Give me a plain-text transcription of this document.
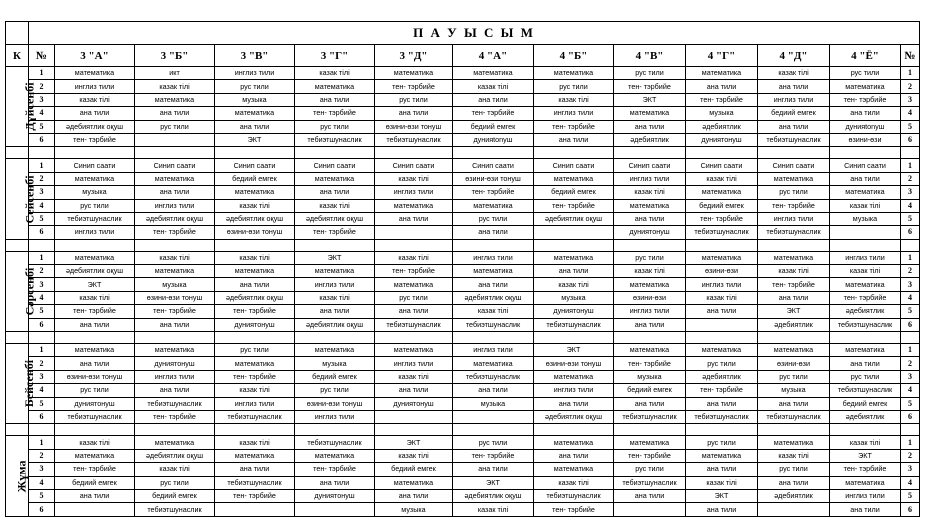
	П А У Ы С Ы М												
К	№	3 "А"	3 "Б"	3 "В"	3 "Г"	3 "Д"	4 "А"	4 "Б"	4 "В"	4 "Г"	4 "Д"	4 "Ё"	№
Дүйсенбі	1	математика	икт	инглиз тили	казак тілі	математика	математика	математика	рус тили	математика	казак тілі	рус тили	1
	2	инглиз тили	казак тілі	рус тили	математика	тен- тэрбийе	казак тілі	рус тили	тен- тэрбийе	ана тили	ана тили	математика	2
	3	казак тілі	математика	музыка	ана тили	рус тили	ана тили	казак тілі	ЭКТ	тен- тэрбийе	инглиз тили	тен- тэрбийе	3
	4	ана тили	ана тили	математика	тен- тэрбийе	ана тили	тен- тэрбийе	инглиз тили	математика	музыка	бедиий емгек	ана тили	4
	5	әдебиятлик оқуш	рус тили	ана тили	рус тили	өзини-өзи тонуш	бедиий емгек	тен- тэрбийе	ана тили	әдебиятлик	ана тили	дунияtonуш	5
	6	тен- тэрбийе		ЭКТ	тебиэтшунаслик	тебиэтшунаслик	дунияtonуш	ана тили	әдебиятлик	дуниятонуш	тебиэтшунаслик	өзини-өзи	6

Сейсенбі	1	Синип саати	Синип саати	Синип саати	Синип саати	Синип саати	Синип саати	Синип саати	Синип саати	Синип саати	Синип саати	Синип саати	1
	2	математика	математика	бедиий емгек	математика	казак тілі	өзини-өзи тонуш	математика	инглиз тили	казак тілі	математика	ана тили	2
	3	музыка	ана тили	математика	ана тили	инглиз тили	тен- тэрбийе	бедиий емгек	казак тілі	математика	рус тили	математика	3
	4	рус тили	инглиз тили	казак тілі	казак тілі	математика	математика	тен- тэрбийе	математика	бедиий емгек	тен- тэрбийе	казак тілі	4
	5	тебиэтшунаслик	әдебиятлик оқуш	әдебиятлик оқуш	әдебиятлик оқуш	ана тили	рус тили	әдебиятлик оқуш	ана тили	тен- тэрбийе	инглиз тили	музыка	5
	6	инглиз тили	тен- тэрбийе	өзини-өзи тонуш	тен- тэрбийе		ана тили		дуниятонуш	тебиэтшунаслик	тебиэтшунаслик		6

Сәрсенбі	1	математика	казак тілі	казак тілі	ЭКТ	казак тілі	инглиз тили	математика	рус тили	математика	математика	инглиз тили	1
	2	әдебиятлик оқуш	математика	математика	математика	тен- тэрбийе	математика	ана тили	казак тілі	өзини-өзи	казак тілі	казак тілі	2
	3	ЭКТ	музыка	ана тили	инглиз тили	математика	ана тили	казак тілі	математика	инглиз тили	тен- тэрбийе	математика	3
	4	казак тілі	өзини-өзи тонуш	әдебиятлик оқуш	казак тілі	рус тили	әдебиятлик оқуш	музыка	өзини-өзи	казак тілі	ана тили	тен- тэрбийе	4
	5	тен- тэрбийе	тен- тэрбийе	тен- тэрбийе	ана тили	ана тили	казак тілі	дуниятонуш	инглиз тили	ана тили	ЭКТ	әдебиятлик	5
	6	ана тили	ана тили	дуниятонуш	әдебиятлик оқуш	тебиэтшунаслик	тебиэтшунаслик	тебиэтшунаслик	ана тили		әдебиятлик	тебиэтшунаслик	6

Бейсенбі	1	математика	математика	рус тили	математика	математика	инглиз тили	ЭКТ	математика	математика	математика	математика	1
	2	ана тили	дуниятонуш	математика	музыка	инглиз тили	математика	өзини-өзи тонуш	тен- тэрбийе	рус тили	өзини-өзи	ана тили	2
	3	өзини-өзи тонуш	инглиз тили	тен- тэрбийе	бедиий емгек	казак тілі	тебиэтшунаслик	математика	музыка	әдебиятлик	рус тили	рус тили	3
	4	рус тили	ана тили	казак тілі	рус тили	ана тили	ана тили	инглиз тили	бедиий емгек	тен- тэрбийе	музыка	тебиэтшунаслик	4
	5	дуниятонуш	тебиэтшунаслик	инглиз тили	өзини-өзи тонуш	дуниятонуш	музыка	ана тили	ана тили	ана тили	ана тили	бедиий емгек	5
	6	тебиэтшунаслик	тен- тэрбийе	тебиэтшунаслик	инглиз тили			әдебиятлик оқуш	тебиэтшунаслик	тебиэтшунаслик	тебиэтшунаслик	әдебиятлик	6

Жұма	1	казак тілі	математика	казак тілі	тебиэтшунаслик	ЭКТ	рус тили	математика	математика	рус тили	математика	казак тілі	1
	2	математика	әдебиятлик оқуш	математика	математика	казак тілі	тен- тэрбийе	ана тили	тен- тэрбийе	математика	казак тілі	ЭКТ	2
	3	тен- тэрбийе	казак тілі	ана тили	тен- тэрбийе	бедиий емгек	ана тили	математика	рус тили	ана тили	рус тили	тен- тэрбийе	3
	4	бедиий емгек	рус тили	тебиэтшунаслик	ана тили	математика	ЭКТ	казак тілі	тебиэтшунаслик	казак тілі	ана тили	математика	4
	5	ана тили	бедиий емгек	тен- тэрбийе	дуниятонуш	ана тили	әдебиятлик оқуш	тебиэтшунаслик	ана тили	ЭКТ	әдебиятлик	инглиз тили	5
	6		тебиэтшунаслик			музыка	казак тілі	тен- тэрбийе		ана тили		ана тили	6
